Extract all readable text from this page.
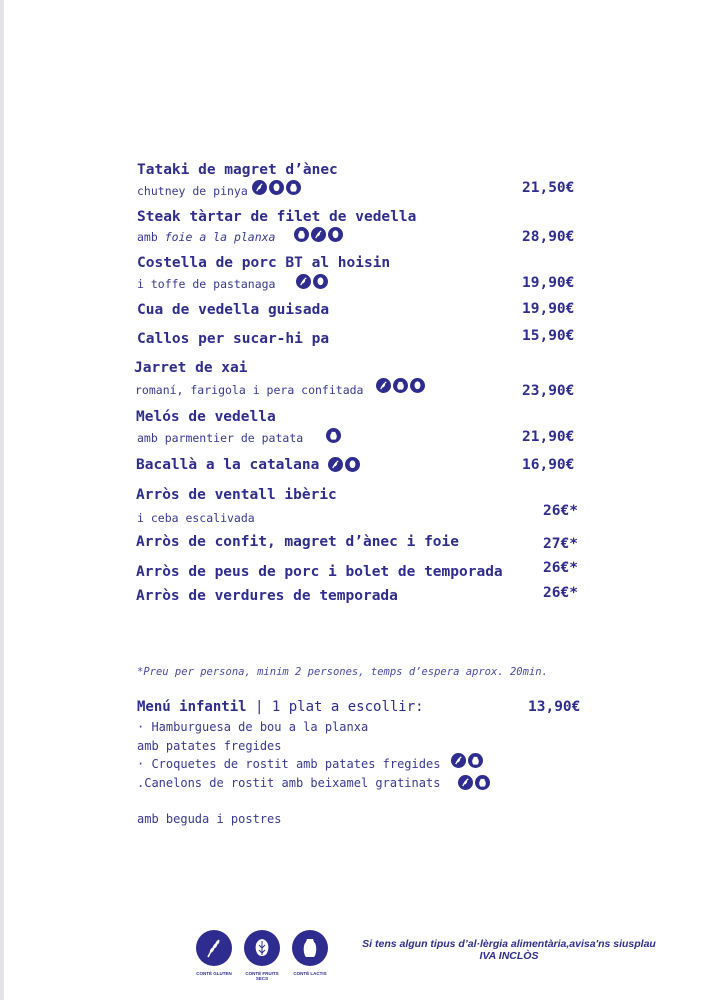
Tataki de magret d’ànec
chutney de pinya	21,50€
Steak tàrtar de filet de vedella
amb foie a la planxa	28,90€
Costella de porc BT al hoisin
i toffe de pastanaga	19,90€
Cua de vedella guisada	19,90€
Callos per sucar-hi pa	15,90€
Jarret de xai
romaní, farigola i pera confitada	23,90€
Melós de vedella
amb parmentier de patata	21,90€
Bacallà a la catalana	16,90€
Arròs de ventall ibèric
i ceba escalivada	26€*
Arròs de confit, magret d’ànec i foie	27€*
Arròs de peus de porc i bolet de temporada	26€*
Arròs de verdures de temporada	26€*
*Preu per persona, minim 2 persones, temps d’espera aprox. 20min.
Menú infantil | 1 plat a escollir:	13,90€
· Hamburguesa de bou a la planxa
amb patates fregides
· Croquetes de rostit amb patates fregides
.Canelons de rostit amb beixamel gratinats
amb beguda i postres
CONTÉ GLUTEN	CONTÉ FRUITS SECS
CONTÉ LACTIS
Si tens algun tipus d’al·lèrgia alimentària,avisa'ns siusplau
IVA INCLÒS
